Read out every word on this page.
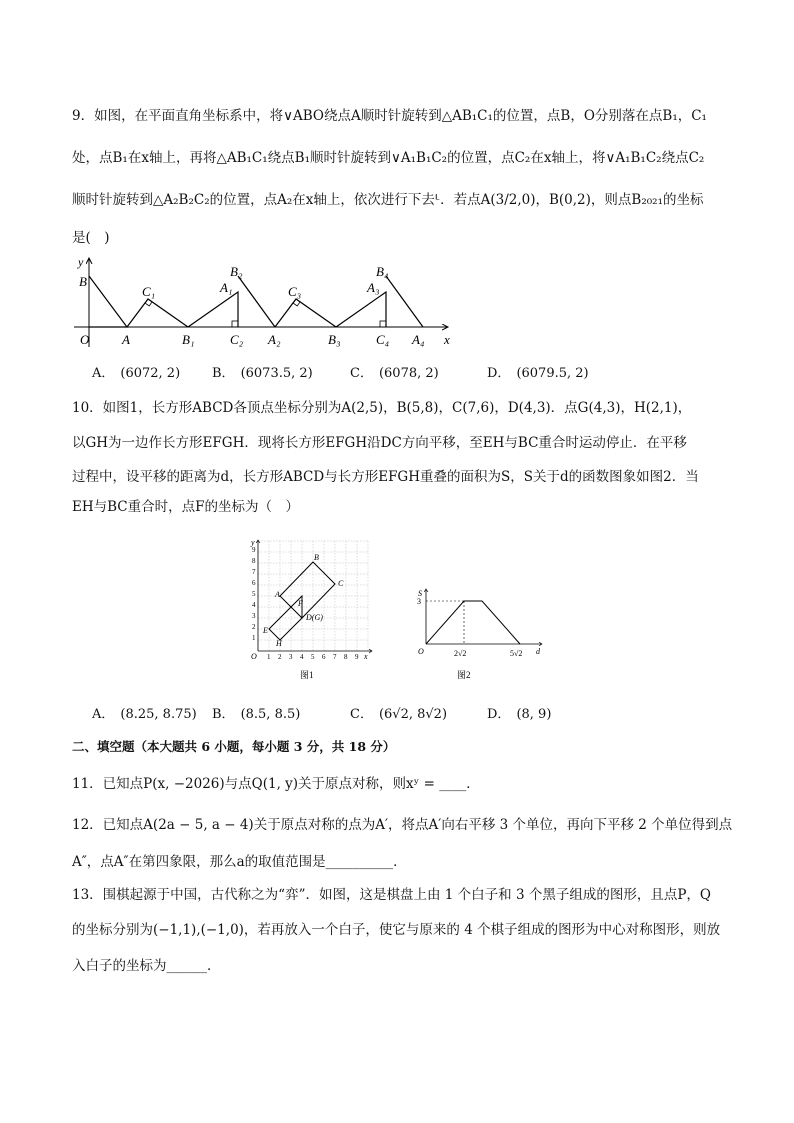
9．如图，在平面直角坐标系中，将∨ABO绕点A顺时针旋转到△AB₁C₁的位置，点B，O分别落在点B₁，C₁
处，点B₁在x轴上，再将△AB₁C₁绕点B₁顺时针旋转到∨A₁B₁C₂的位置，点C₂在x轴上，将∨A₁B₁C₂绕点C₂
顺时针旋转到△A₂B₂C₂的位置，点A₂在x轴上，依次进行下去ᒻ．若点A(3/2,0)，B(0,2)，则点B₂₀₂₁的坐标
是(　)
y
B
C₁
B₂
A₁	C₃
B₄
A₃
O	A	B₁	C₂ A₂	B₃	C₄ A₄ x
A． (6072, 2) B． (6073.5, 2)	C． (6078, 2)	D． (6079.5, 2)
10．如图1，长方形ABCD各顶点坐标分别为A(2,5)，B(5,8)，C(7,6)，D(4,3)．点G(4,3)，H(2,1)，
以GH为一边作长方形EFGH．现将长方形EFGH沿DC方向平移，至EH与BC重合时运动停止．在平移
过程中，设平移的距离为d，长方形ABCD与长方形EFGH重叠的面积为S，S关于d的函数图象如图2．当
EH与BC重合时，点F的坐标为（　）
y
x
O
A
B
C
D(G)
E
F
H
1
2
3
4
5
6
7
8
9
1 2 3 4 5 6 7 8 9
图1
S
3
O	2√2	5√2 d
图2
A． (8.25, 8.75) B． (8.5, 8.5)	C． (6√2, 8√2)	D． (8, 9)
二、填空题（本大题共 6 小题，每小题 3 分，共 18 分）
11．已知点P(x, −2026)与点Q(1, y)关于原点对称，则xʸ = ____．
12．已知点A(2a − 5, a − 4)关于原点对称的点为A′，将点A′向右平移 3 个单位，再向下平移 2 个单位得到点
A″，点A″在第四象限，那么a的取值范围是__________．
13．围棋起源于中国，古代称之为“弈”．如图，这是棋盘上由 1 个白子和 3 个黑子组成的图形，且点P，Q
的坐标分别为(−1,1),(−1,0)，若再放入一个白子，使它与原来的 4 个棋子组成的图形为中心对称图形，则放
入白子的坐标为______．
